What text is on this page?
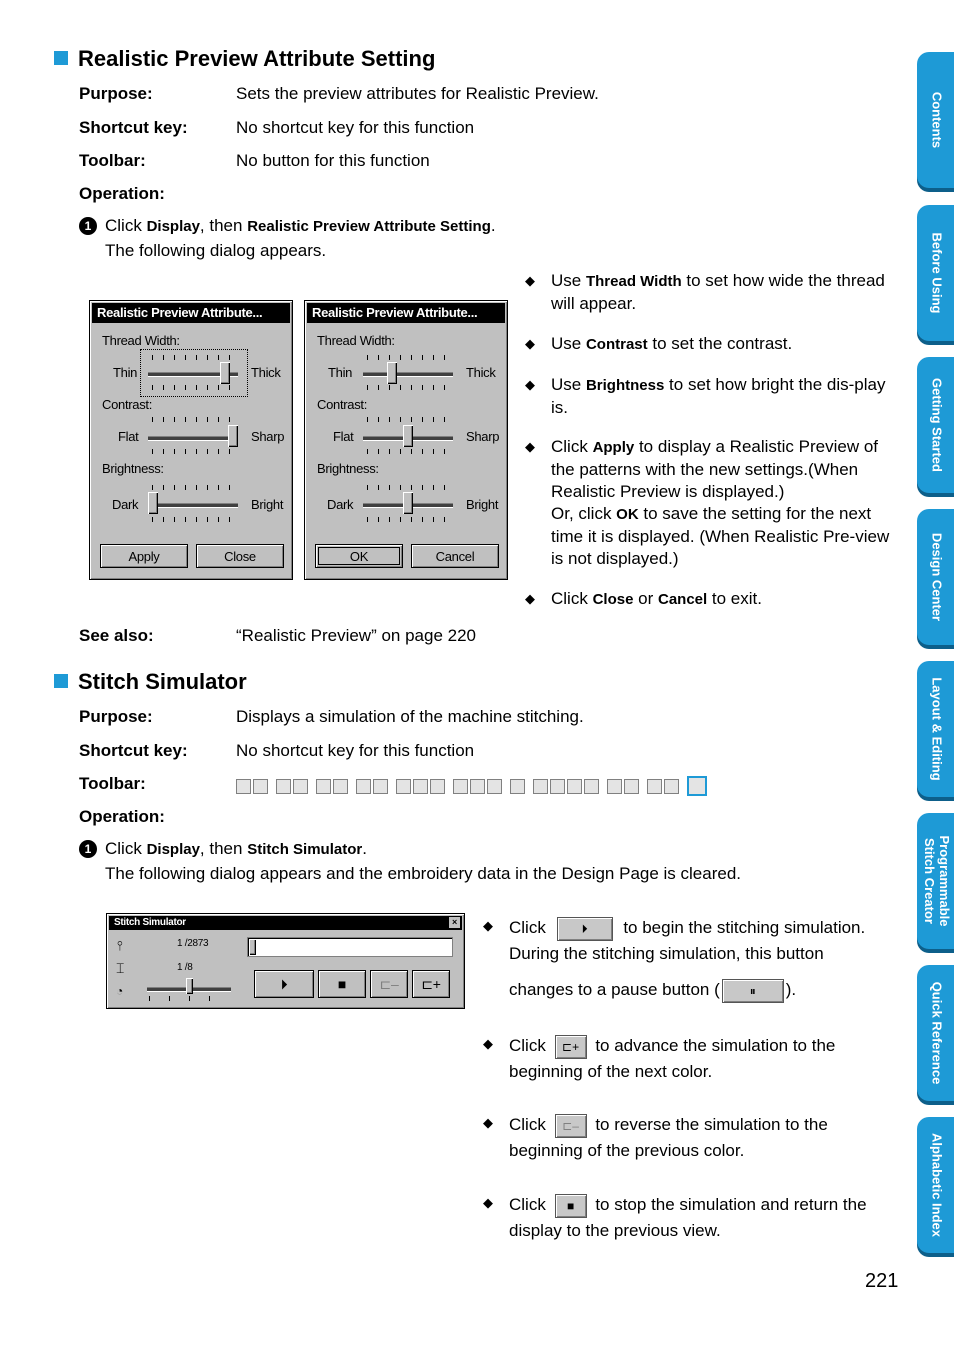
Realistic Preview Attribute Setting
Purpose:	Sets the preview attributes for Realistic Preview.
Shortcut key:	No shortcut key for this function
Toolbar:	No button for this function
Operation:
1 Click Display, then Realistic Preview Attribute Setting.
The following dialog appears.
Realistic Preview Attribute...
Thread Width:
Thin	Thick
Contrast:
Flat	Sharp
Brightness:
Dark	Bright
Apply	Close
Realistic Preview Attribute...
Thread Width:
Thin	Thick
Contrast:
Flat	Sharp
Brightness:
Dark	Bright
OK	Cancel
◆ Use Thread Width to set how wide the thread will appear.
◆ Use Contrast to set the contrast.
◆ Use Brightness to set how bright the dis-play is.
◆ Click Apply to display a Realistic Preview of the patterns with the new settings.(When Realistic Preview is displayed.)
Or, click OK to save the setting for the next time it is displayed. (When Realistic Pre-view is not displayed.)
◆ Click Close or Cancel to exit.
See also:	“Realistic Preview” on page 220
Stitch Simulator
Purpose:	Displays a simulation of the machine stitching.
Shortcut key:	No shortcut key for this function
Toolbar:
Operation:
1 Click Display, then Stitch Simulator.
The following dialog appears and the embroidery data in the Design Page is cleared.
Stitch Simulator	×
⫯	1 /2873
⌶	1 /8
◔	⏵	■	⊏–	⊏+
◆ Click	⏵ to begin the stitching simulation.
During the stitching simulation, this button
changes to a pause button ( ⏸ ).
◆ Click ⊏+ to advance the simulation to the
beginning of the next color.
◆ Click ⊏– to reverse the simulation to the
beginning of the previous color.
◆ Click ■ to stop the simulation and return the
display to the previous view.
Contents
Before Using
Getting Started
Design Center
Layout & Editing
Programmable
Stitch Creator
Quick Reference
Alphabetic Index
221
